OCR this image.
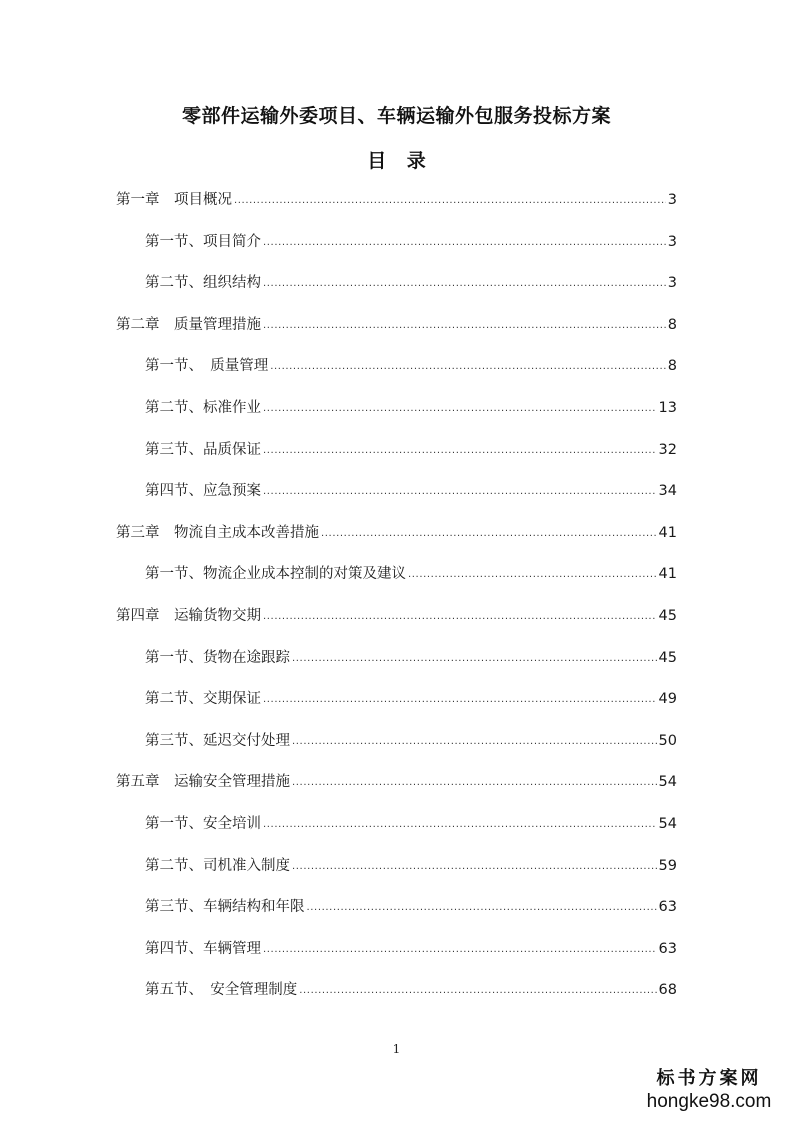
零部件运输外委项目、车辆运输外包服务投标方案
目 录
第一章　项目概况 .....	3
第一节、项目简介 .....	3
第二节、组织结构 .....	3
第二章　质量管理措施 .....	8
第一节、　质量管理 .....	8
第二节、标准作业 .....	13
第三节、品质保证 .....	32
第四节、应急预案 .....	34
第三章　物流自主成本改善措施 .....	41
第一节、物流企业成本控制的对策及建议 .....	41
第四章　运输货物交期 .....	45
第一节、货物在途跟踪 .....	45
第二节、交期保证 .....	49
第三节、延迟交付处理 .....	50
第五章　运输安全管理措施 .....	54
第一节、安全培训 .....	54
第二节、司机准入制度 .....	59
第三节、车辆结构和年限 .....	63
第四节、车辆管理 .....	63
第五节、　安全管理制度 .....	68
1
标书方案网
hongke98.com
